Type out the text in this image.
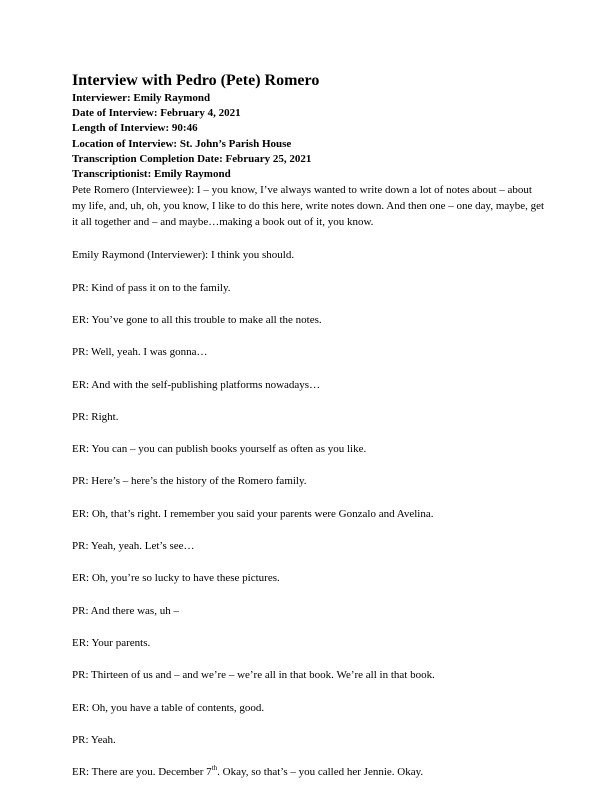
Interview with Pedro (Pete) Romero
Interviewer: Emily Raymond
Date of Interview: February 4, 2021
Length of Interview: 90:46
Location of Interview: St. John’s Parish House
Transcription Completion Date: February 25, 2021
Transcriptionist: Emily Raymond

Pete Romero (Interviewee): I – you know, I’ve always wanted to write down a lot of notes about – about my life, and, uh, oh, you know, I like to do this here, write notes down. And then one – one day, maybe, get it all together and – and maybe…making a book out of it, you know.

Emily Raymond (Interviewer): I think you should.

PR: Kind of pass it on to the family.

ER: You’ve gone to all this trouble to make all the notes.

PR: Well, yeah. I was gonna…

ER: And with the self-publishing platforms nowadays…

PR: Right.

ER: You can – you can publish books yourself as often as you like.

PR: Here’s – here’s the history of the Romero family.

ER: Oh, that’s right. I remember you said your parents were Gonzalo and Avelina.

PR: Yeah, yeah. Let’s see…

ER: Oh, you’re so lucky to have these pictures.

PR: And there was, uh –

ER: Your parents.

PR: Thirteen of us and – and we’re – we’re all in that book. We’re all in that book.

ER: Oh, you have a table of contents, good.

PR: Yeah.

ER: There are you. December 7th. Okay, so that’s – you called her Jennie. Okay.
